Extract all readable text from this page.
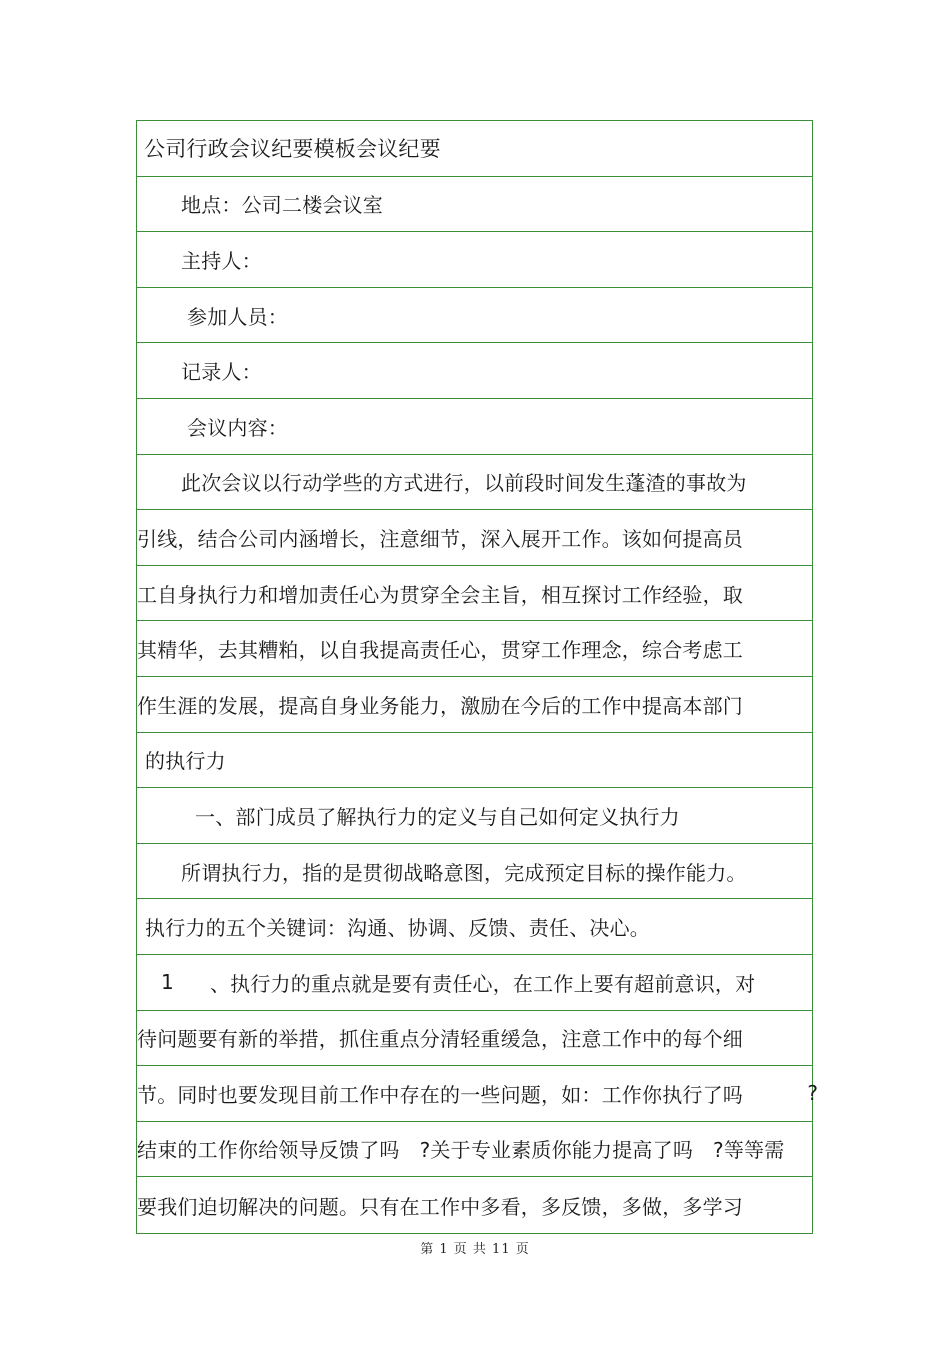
公司行政会议纪要模板会议纪要
地点：公司二楼会议室
主持人：
参加人员：
记录人：
会议内容：
此次会议以行动学些的方式进行，以前段时间发生蓬渣的事故为
引线，结合公司内涵增长，注意细节，深入展开工作。该如何提高员
工自身执行力和增加责任心为贯穿全会主旨，相互探讨工作经验，取
其精华，去其糟粕，以自我提高责任心，贯穿工作理念，综合考虑工
作生涯的发展，提高自身业务能力，激励在今后的工作中提高本部门
的执行力
一、部门成员了解执行力的定义与自己如何定义执行力
所谓执行力，指的是贯彻战略意图，完成预定目标的操作能力。
执行力的五个关键词：沟通、协调、反馈、责任、决心。
1 、执行力的重点就是要有责任心，在工作上要有超前意识，对
待问题要有新的举措，抓住重点分清轻重缓急，注意工作中的每个细
节。同时也要发现目前工作中存在的一些问题，如：工作你执行了吗	?
结束的工作你给领导反馈了吗 ?关于专业素质你能力提高了吗 ?等等需
要我们迫切解决的问题。只有在工作中多看，多反馈，多做，多学习
第 1 页 共 11 页
